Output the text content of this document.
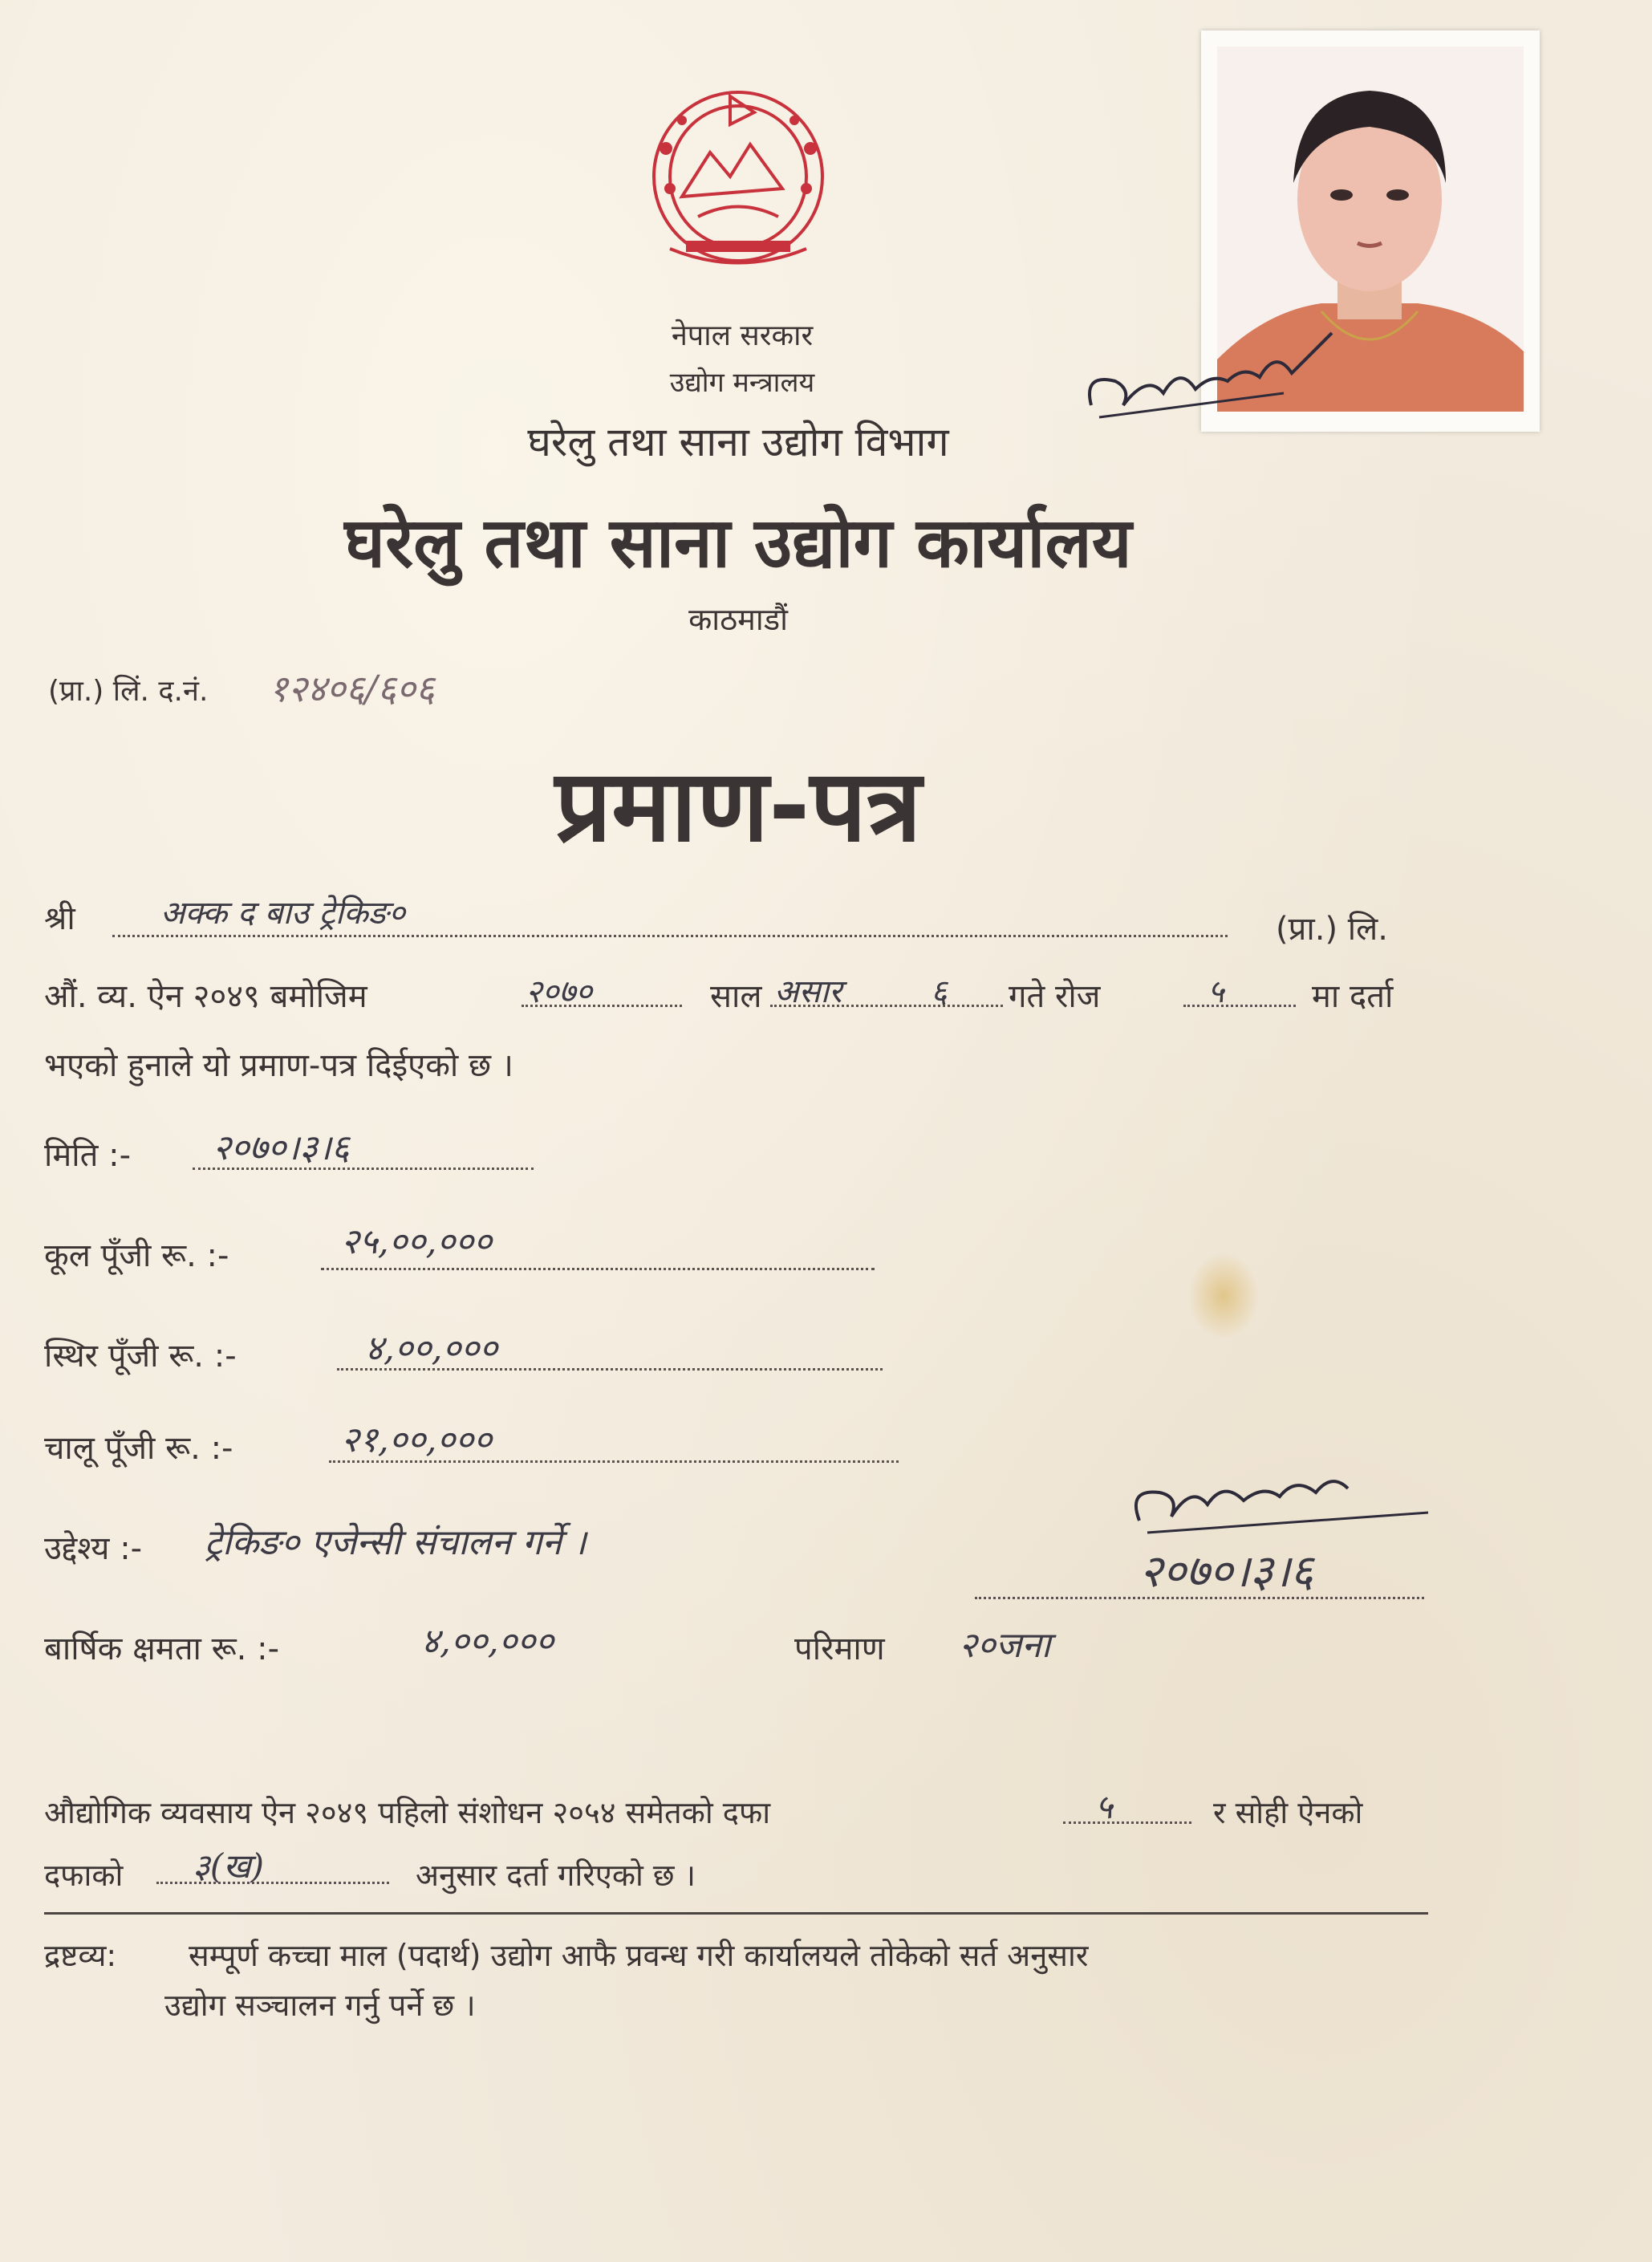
नेपाल सरकार
उद्योग मन्त्रालय
घरेलु तथा साना उद्योग विभाग
घरेलु तथा साना उद्योग कार्यालय
काठमाडौं
(प्रा.) लिं. द.नं. १२४०६/६०६
प्रमाण-पत्र
श्री	अक्क द बाउ ट्रेकिङ०	(प्रा.) लि.
औं. व्य. ऐन २०४९ बमोजिम	२०७०	साल असार	६ गते रोज	५	मा दर्ता
भएको हुनाले यो प्रमाण-पत्र दिईएको छ ।
मिति :- २०७०।३।६
कूल पूँजी रू. :-	२५,००,०००
स्थिर पूँजी रू. :-	४,००,०००
चालू पूँजी रू. :-	२१,००,०००
उद्देश्य :- ट्रेकिङ० एजेन्सी संचालन गर्ने ।
बार्षिक क्षमता रू. :-	४,००,०००	परिमाण २०जना
२०७०।३।६
औद्योगिक व्यवसाय ऐन २०४९ पहिलो संशोधन २०५४ समेतको दफा	५	र सोही ऐनको
दफाको ३(ख)	अनुसार दर्ता गरिएको छ ।
द्रष्टव्य: सम्पूर्ण कच्चा माल (पदार्थ) उद्योग आफै प्रवन्ध गरी कार्यालयले तोकेको सर्त अनुसार
उद्योग सञ्चालन गर्नु पर्ने छ ।
